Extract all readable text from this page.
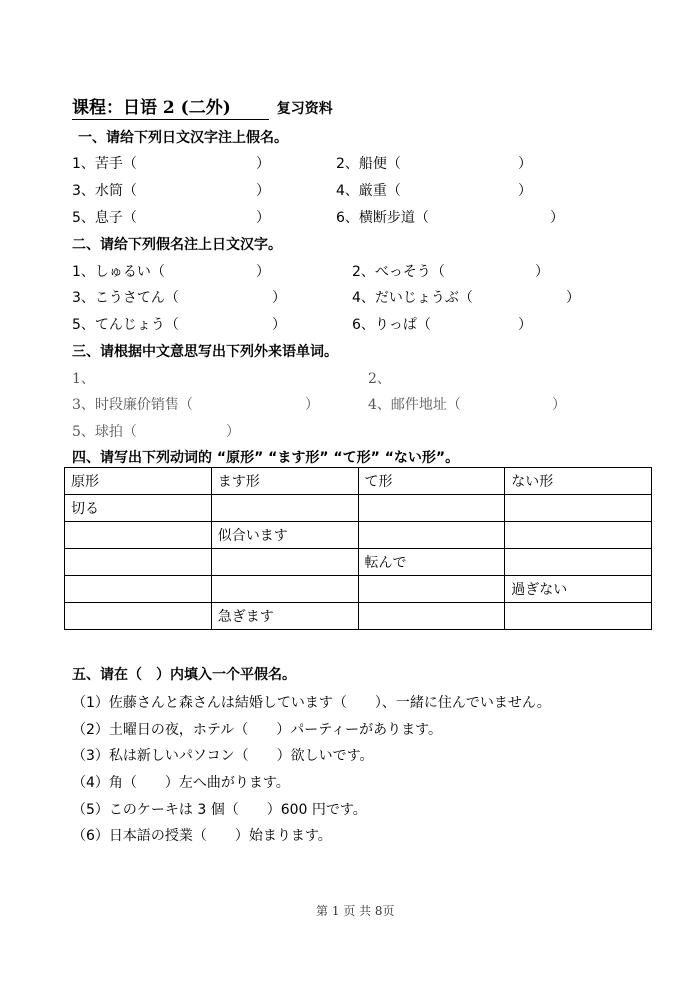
课程：日语 2 (二外)	复习资料
一、请给下列日文汉字注上假名。
1、苦手（	）	2、船便（	）
3、水筒（	）	4、厳重（	）
5、息子（	）	6、横断步道（	）
二、请给下列假名注上日文汉字。
1、しゅるい（	）	2、べっそう（	）
3、こうさてん（	）	4、だいじょうぶ（	）
5、てんじょう（	）	6、りっぱ（	）
三、请根据中文意思写出下列外来语单词。
1、	2、
3、时段廉价销售（	）	4、邮件地址（	）
5、球拍（	）
四、请写出下列动词的 “原形” “ます形” “て形” “ない形”。
原形	ます形	て形	ない形
切る			
	似合います		
		転んで	
			過ぎない
	急ぎます		
五、请在（　）内填入一个平假名。
（1）佐藤さんと森さんは結婚しています（　　）、一緒に住んでいません。
（2）土曜日の夜，ホテル（　　）パーティーがあります。
（3）私は新しいパソコン（　　）欲しいです。
（4）角（　　）左へ曲がります。
（5）このケーキは 3 個（　　）600 円です。
（6）日本語の授業（　　）始まります。
第 1 页 共 8页
